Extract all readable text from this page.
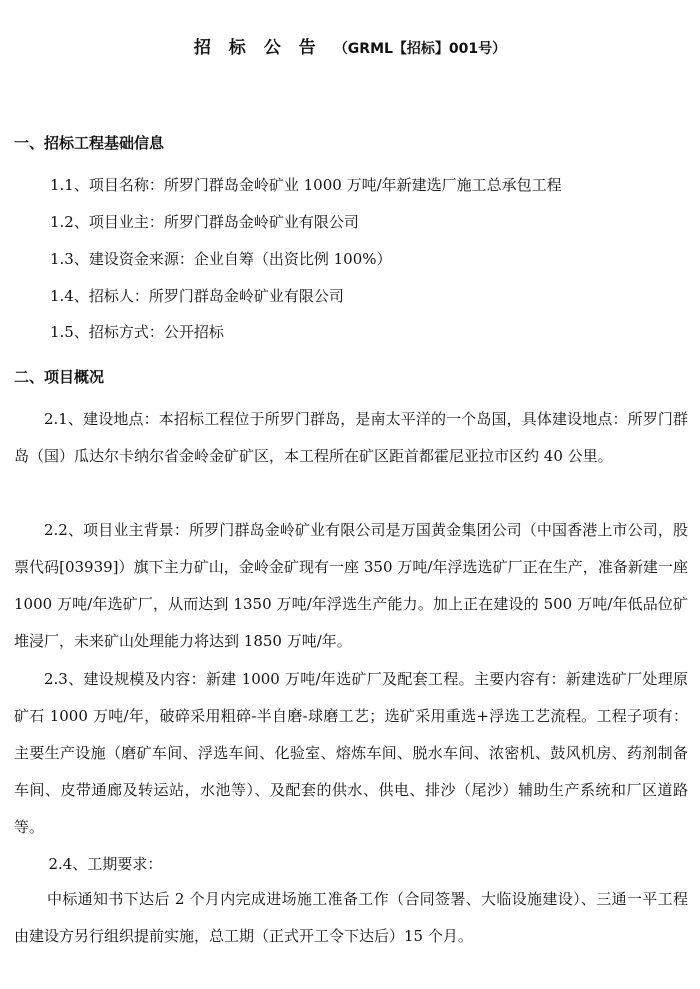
招标公告（GRML【招标】001号）
一、招标工程基础信息
1.1、项目名称：所罗门群岛金岭矿业 1000 万吨/年新建选厂施工总承包工程
1.2、项目业主：所罗门群岛金岭矿业有限公司
1.3、建设资金来源：企业自筹（出资比例 100%）
1.4、招标人：所罗门群岛金岭矿业有限公司
1.5、招标方式：公开招标
二、项目概况

2.1、建设地点：本招标工程位于所罗门群岛，是南太平洋的一个岛国，具体建设地点：所罗门群岛（国）瓜达尔卡纳尔省金岭金矿矿区，本工程所在矿区距首都霍尼亚拉市区约 40 公里。

2.2、项目业主背景：所罗门群岛金岭矿业有限公司是万国黄金集团公司（中国香港上市公司，股票代码[03939]）旗下主力矿山，金岭金矿现有一座 350 万吨/年浮选选矿厂正在生产，准备新建一座 1000 万吨/年选矿厂，从而达到 1350 万吨/年浮选生产能力。加上正在建设的 500 万吨/年低品位矿堆浸厂，未来矿山处理能力将达到 1850 万吨/年。

2.3、建设规模及内容：新建 1000 万吨/年选矿厂及配套工程。主要内容有：新建选矿厂处理原矿石 1000 万吨/年，破碎采用粗碎-半自磨-球磨工艺；选矿采用重选+浮选工艺流程。工程子项有：主要生产设施（磨矿车间、浮选车间、化验室、熔炼车间、脱水车间、浓密机、鼓风机房、药剂制备车间、皮带通廊及转运站，水池等）、及配套的供水、供电、排沙（尾沙）辅助生产系统和厂区道路等。

2.4、工期要求：

中标通知书下达后 2 个月内完成进场施工准备工作（合同签署、大临设施建设）、三通一平工程由建设方另行组织提前实施，总工期（正式开工令下达后）15 个月。
